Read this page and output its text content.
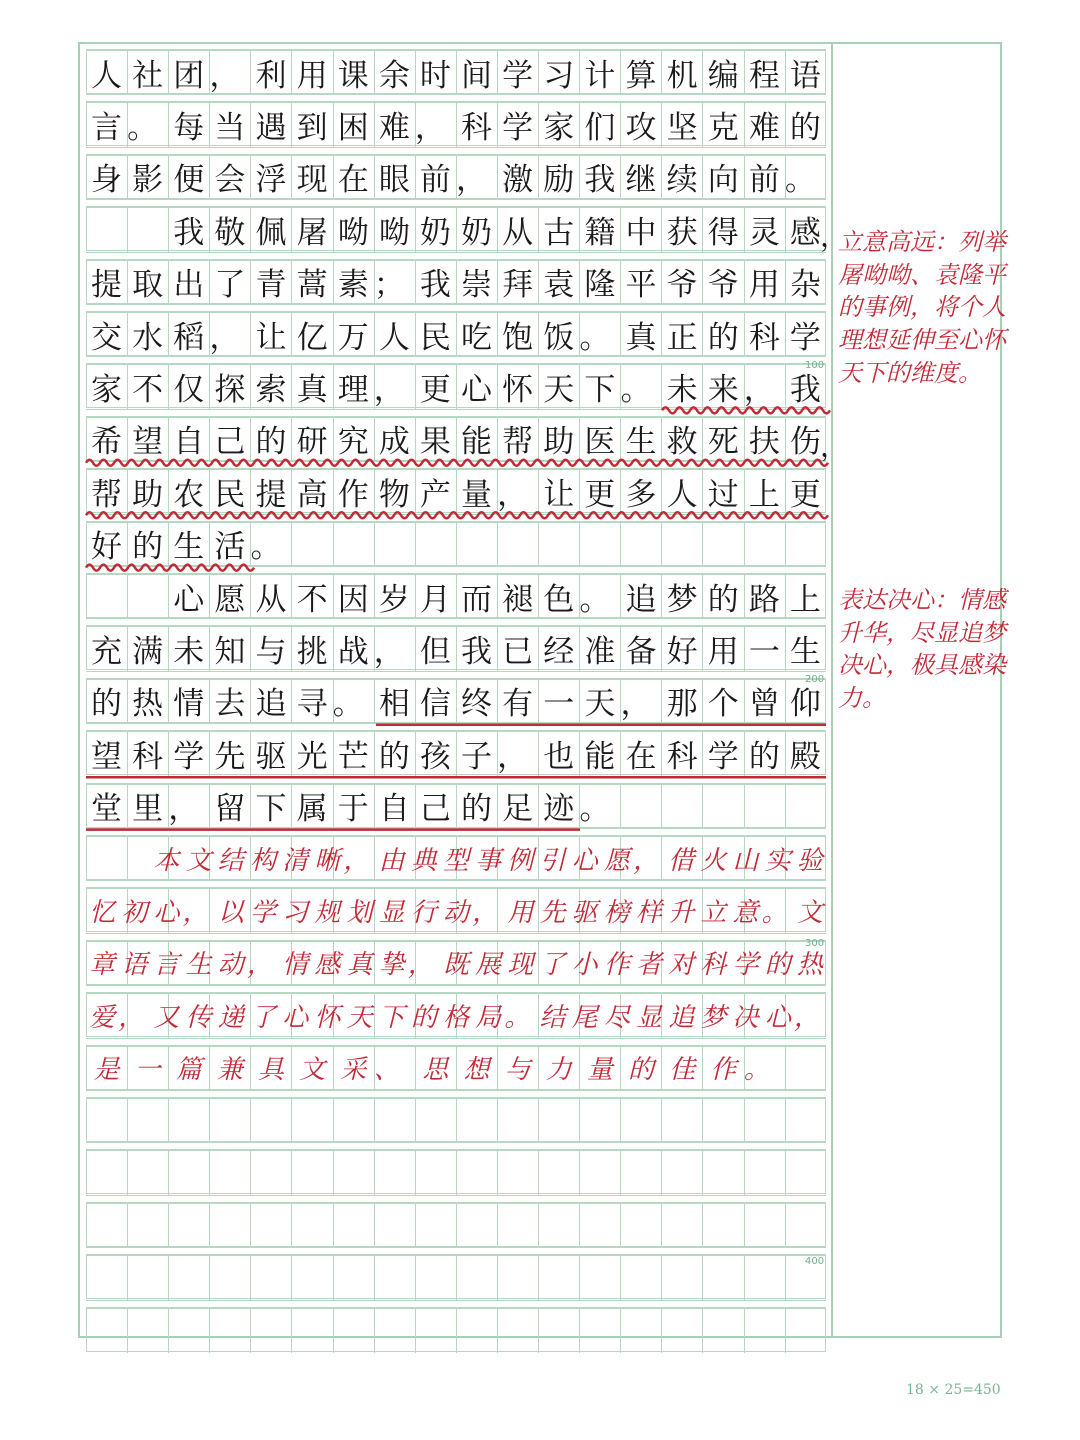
人 社 团 ， 利 用 课 余 时 间 学 习 计 算 机 编 程 语
言 。 每 当 遇 到 困 难 ， 科 学 家 们 攻 坚 克 难 的
身 影 便 会 浮 现 在 眼 前 ， 激 励 我 继 续 向 前 。

我 敬 佩 屠 呦 呦 奶 奶 从 古 籍 中 获 得 灵 感 ，
提 取 出 了 青 蒿 素 ； 我 崇 拜 袁 隆 平 爷 爷 用 杂
交 水 稻 ， 让 亿 万 人 民 吃 饱 饭 。 真 正 的 科 学
家 不 仅 探 索 真 理 ， 更 心 怀 天 下 。 未 来 ， 我
希 望 自 己 的 研 究 成 果 能 帮 助 医 生 救 死 扶 伤 ，
帮 助 农 民 提 高 作 物 产 量 ， 让 更 多 人 过 上 更
好 的 生 活 。

心 愿 从 不 因 岁 月 而 褪 色 。 追 梦 的 路 上
充 满 未 知 与 挑 战 ， 但 我 已 经 准 备 好 用 一 生
的 热 情 去 追 寻 。 相 信 终 有 一 天 ， 那 个 曾 仰
望 科 学 先 驱 光 芒 的 孩 子 ， 也 能 在 科 学 的 殿
堂 里 ， 留 下 属 于 自 己 的 足 迹 。

本 文 结 构 清 晰 ， 由 典 型 事 例 引 心 愿 ， 借 火 山 实 验
忆 初 心 ， 以 学 习 规 划 显 行 动 ， 用 先 驱 榜 样 升 立 意 。 文
章 语 言 生 动 ， 情 感 真 挚 ， 既 展 现 了 小 作 者 对 科 学 的 热
爱 ， 又 传 递 了 心 怀 天 下 的 格 局 。 结 尾 尽 显 追 梦 决 心 ，
是 一 篇 兼 具 文 采 、 思 想 与 力 量 的 佳 作 。
100
200
300
400
立意高远：列举屠呦呦、袁隆平的事例，将个人理想延伸至心怀天下的维度。
表达决心：情感升华，尽显追梦决心，极具感染力。
18 × 25=450
